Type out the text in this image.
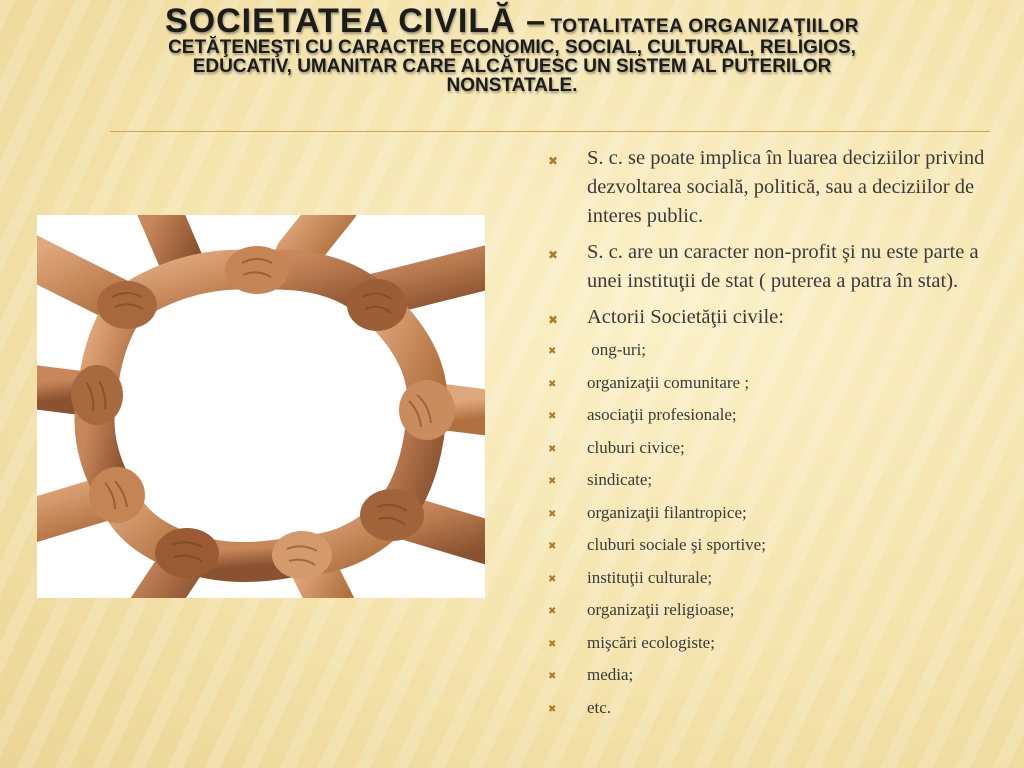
SOCIETATEA CIVILĂ – TOTALITATEA ORGANIZAŢIILOR
CETĂŢENEŞTI CU CARACTER ECONOMIC, SOCIAL, CULTURAL, RELIGIOS,
EDUCATIV, UMANITAR CARE ALCĂTUESC UN SISTEM AL PUTERILOR
NONSTATALE.
✖ S. c. se poate implica în luarea deciziilor privind dezvoltarea socială, politică, sau a deciziilor de interes public.
✖ S. c. are un caracter non-profit şi nu este parte a unei instituţii de stat ( puterea a patra în stat).
✖ Actorii Societăţii civile:
✖ ong-uri;
✖ organizaţii comunitare ;
✖ asociaţii profesionale;
✖ cluburi civice;
✖ sindicate;
✖ organizaţii filantropice;
✖ cluburi sociale şi sportive;
✖ instituţii culturale;
✖ organizaţii religioase;
✖ mişcări ecologiste;
✖ media;
✖ etc.
